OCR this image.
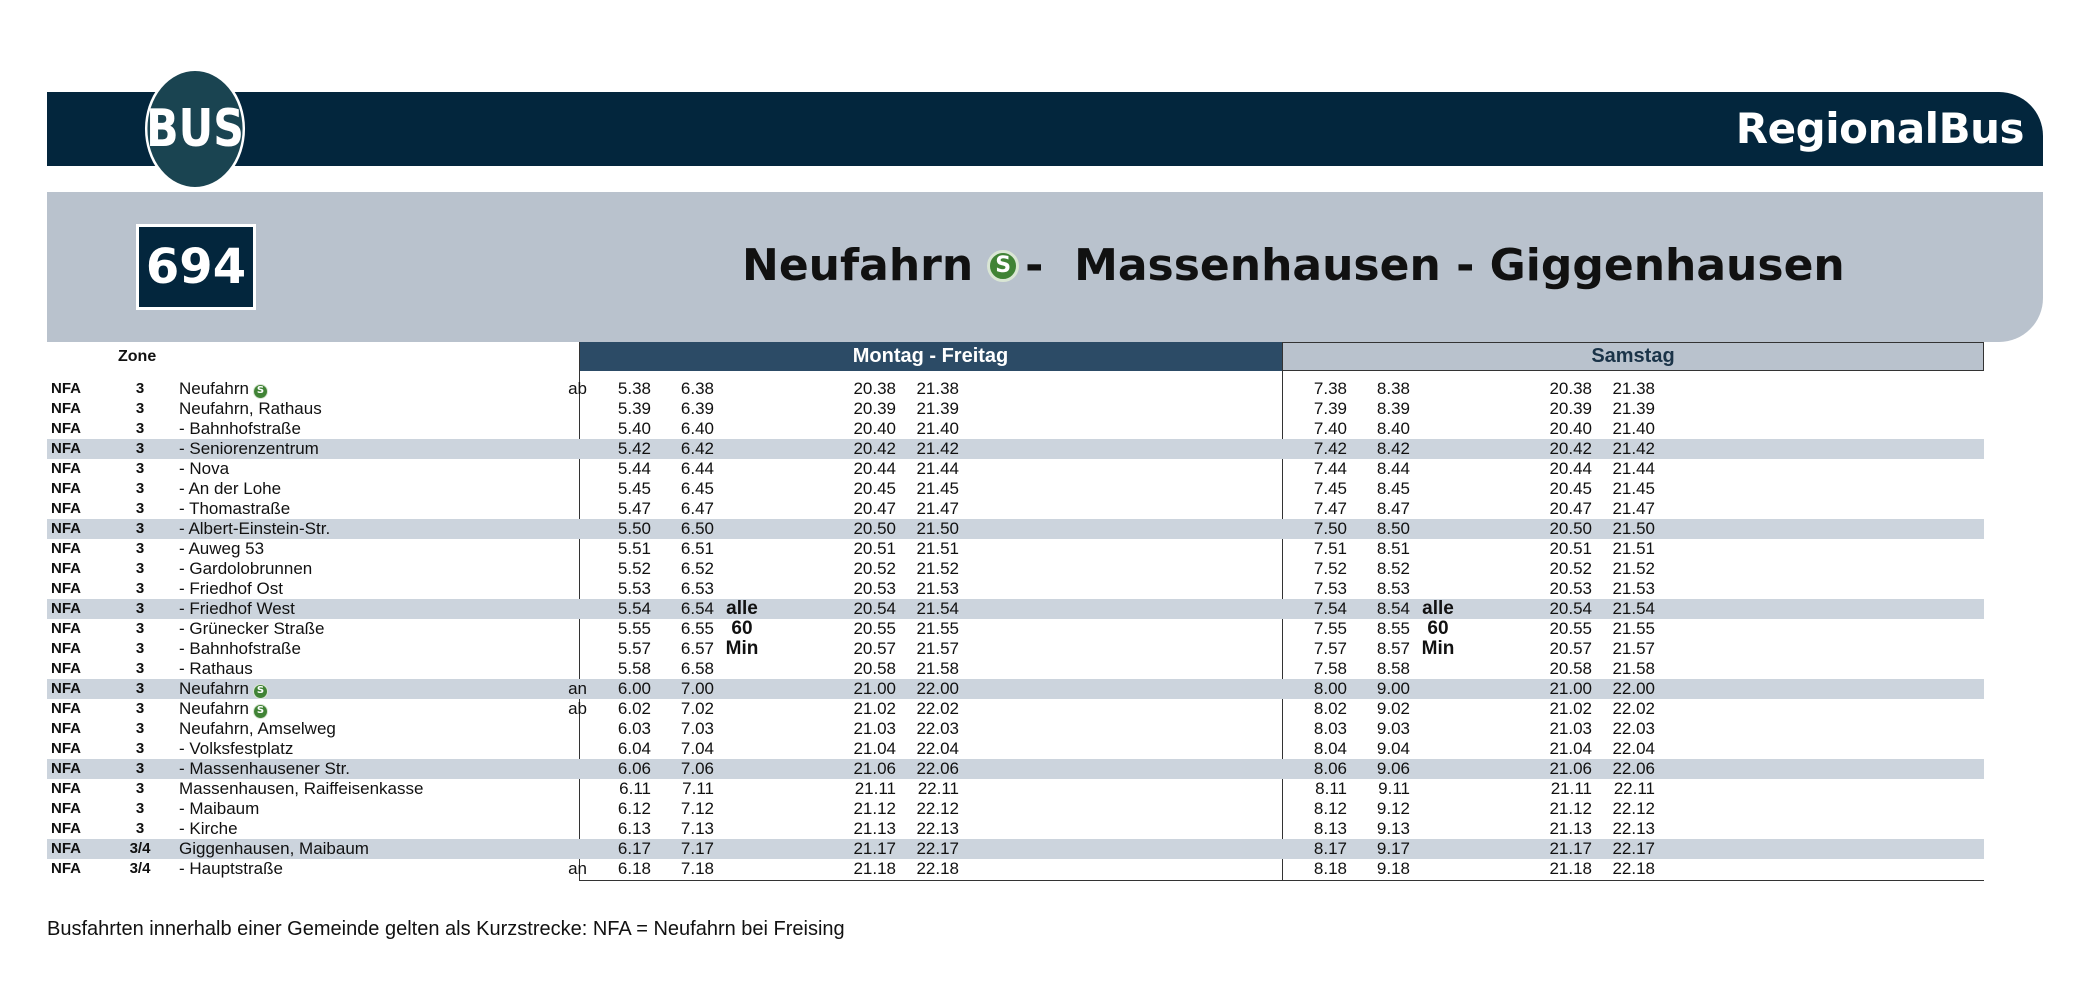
BUS	RegionalBus
694	Neufahrn	S -  Massenhausen - Giggenhausen
Zone	Montag - Freitag	Samstag
NFA	3	Neufahrn S	ab	5.38	6.38	20.38 21.38	7.38	8.38	20.38 21.38
NFA	3	Neufahrn, Rathaus	5.39	6.39	20.39 21.39	7.39	8.39	20.39 21.39
NFA	3	- Bahnhofstraße	5.40	6.40	20.40 21.40	7.40	8.40	20.40 21.40
NFA	3	- Seniorenzentrum	5.42	6.42	20.42 21.42	7.42	8.42	20.42 21.42
NFA	3	- Nova	5.44	6.44	20.44 21.44	7.44	8.44	20.44 21.44
NFA	3	- An der Lohe	5.45	6.45	20.45 21.45	7.45	8.45	20.45 21.45
NFA	3	- Thomastraße	5.47	6.47	20.47 21.47	7.47	8.47	20.47 21.47
NFA	3	- Albert-Einstein-Str.	5.50	6.50	20.50 21.50	7.50	8.50	20.50 21.50
NFA	3	- Auweg 53	5.51	6.51	20.51 21.51	7.51	8.51	20.51 21.51
NFA	3	- Gardolobrunnen	5.52	6.52	20.52 21.52	7.52	8.52	20.52 21.52
NFA	3	- Friedhof Ost	5.53	6.53	20.53 21.53	7.53	8.53	20.53 21.53
NFA	3	- Friedhof West	5.54	6.54	20.54 21.54	7.54	8.54	20.54 21.54
NFA	3	- Grünecker Straße	5.55	6.55	20.55 21.55	7.55	8.55	20.55 21.55
NFA	3	- Bahnhofstraße	5.57	6.57	20.57 21.57	7.57	8.57	20.57 21.57
NFA	3	- Rathaus	5.58	6.58	20.58 21.58	7.58	8.58	20.58 21.58
NFA	3	Neufahrn S	an	6.00	7.00	21.00 22.00	8.00	9.00	21.00 22.00
NFA	3	Neufahrn S	ab	6.02	7.02	21.02 22.02	8.02	9.02	21.02 22.02
NFA	3	Neufahrn, Amselweg	6.03	7.03	21.03 22.03	8.03	9.03	21.03 22.03
NFA	3	- Volksfestplatz	6.04	7.04	21.04 22.04	8.04	9.04	21.04 22.04
NFA	3	- Massenhausener Str.	6.06	7.06	21.06 22.06	8.06	9.06	21.06 22.06
NFA	3	Massenhausen, Raiffeisenkasse	6.11	7.11	21.11 22.11	8.11	9.11	21.11 22.11
NFA	3	- Maibaum	6.12	7.12	21.12 22.12	8.12	9.12	21.12 22.12
NFA	3	- Kirche	6.13	7.13	21.13 22.13	8.13	9.13	21.13 22.13
NFA	3/4 Giggenhausen, Maibaum	6.17	7.17	21.17 22.17	8.17	9.17	21.17 22.17
NFA	3/4 - Hauptstraße	an	6.18	7.18	21.18 22.18	8.18	9.18	21.18 22.18
alle
60
Min
alle
60
Min
Busfahrten innerhalb einer Gemeinde gelten als Kurzstrecke: NFA = Neufahrn bei Freising
